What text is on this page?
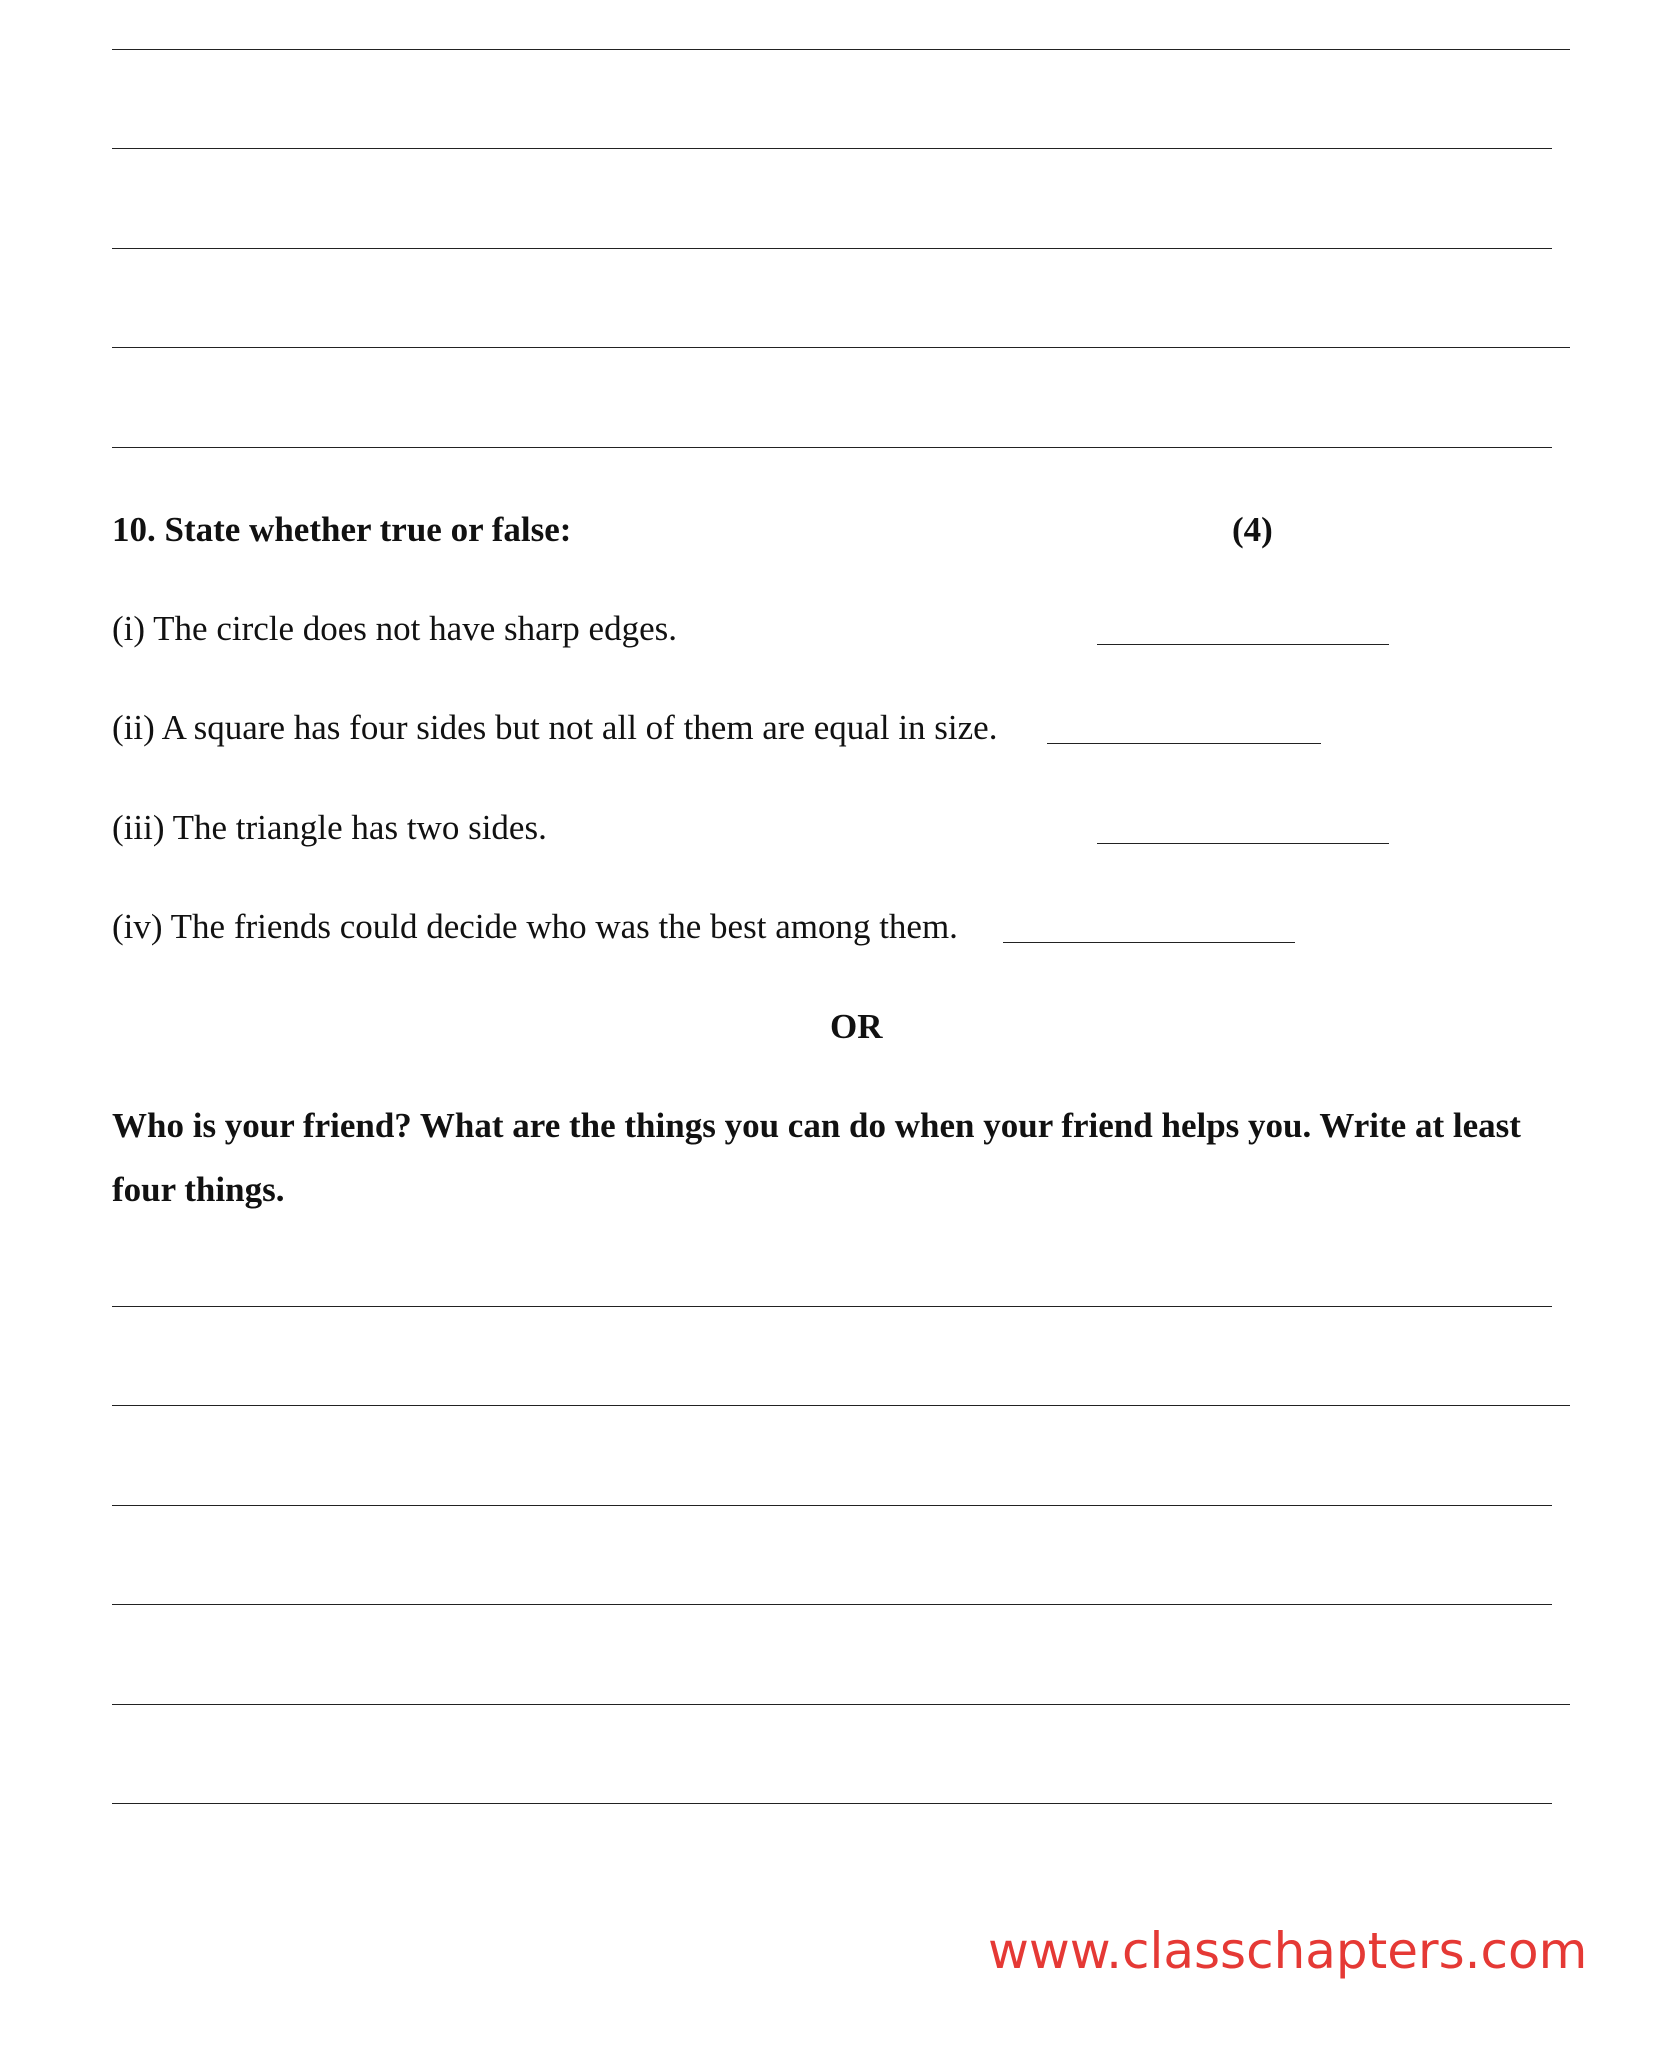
10. State whether true or false:	(4)
(i) The circle does not have sharp edges.
(ii) A square has four sides but not all of them are equal in size.
(iii) The triangle has two sides.
(iv) The friends could decide who was the best among them.
OR
Who is your friend? What are the things you can do when your friend helps you. Write at least
four things.
www.classchapters.com
